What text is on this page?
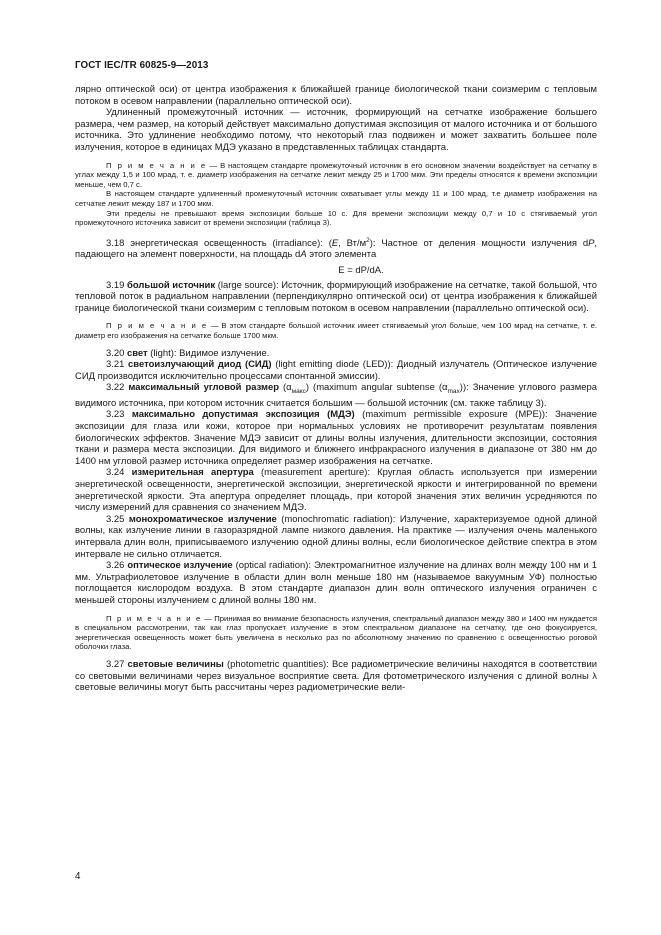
ГОСТ IEC/TR 60825-9—2013

лярно оптической оси) от центра изображения к ближайшей границе биологической ткани соизмерим с тепловым потоком в осевом направлении (параллельно оптической оси).

Удлиненный промежуточный источник — источник, формирующий на сетчатке изображение большего размера, чем размер, на который действует максимально допустимая экспозиция от малого источника и от большого источника. Это удлинение необходимо потому, что некоторый глаз подвижен и может захватить большее поле излучения, которое в единицах МДЭ указано в представленных таблицах стандарта.

П р и м е ч а н и е — В настоящем стандарте промежуточный источник в его основном значении воздействует на сетчатку в углах между 1,5 и 100 мрад, т. е. диаметр изображения на сетчатке лежит между 25 и 1700 мкм. Эти пределы относятся к времени экспозиции меньше, чем 0,7 с.

В настоящем стандарте удлиненный промежуточный источник охватывает углы между 11 и 100 мрад, т.е диаметр изображения на сетчатке лежит между 187 и 1700 мкм.

Эти пределы не превышают время экспозиции больше 10 с. Для времени экспозиции между 0,7 и 10 с стягиваемый угол промежуточного источника зависит от времени экспозиции (таблица 3).

3.18 энергетическая освещенность (irradiance): (E, $Вт/м^2$): Частное от деления мощности излучения dP, падающего на элемент поверхности, на площадь dA этого элемента

E = dP/dA.

3.19 большой источник (large source): Источник, формирующий изображение на сетчатке, такой большой, что тепловой поток в радиальном направлении (перпендикулярно оптической оси) от центра изображения к ближайшей границе биологической ткани соизмерим с тепловым потоком в осевом направлении (параллельно оптической оси).

П р и м е ч а н и е — В этом стандарте большой источник имеет стягиваемый угол больше, чем 100 мрад на сетчатке, т. е. диаметр его изображения на сетчатке больше 1700 мкм.

3.20 свет (light): Видимое излучение.

3.21 светоизлучающий диод (СИД) (light emitting diode (LED)): Диодный излучатель (Оптическое излучение СИД производится исключительно процессами спонтанной эмиссии).

3.22 максимальный угловой размер $(\alpha_{макс})$ (maximum angular subtense $(\alpha_{max})$): Значение углового размера видимого источника, при котором источник считается большим — большой источник (см. также таблицу 3).

3.23 максимально допустимая экспозиция (МДЭ) (maximum permissible exposure (MPE)): Значение экспозиции для глаза или кожи, которое при нормальных условиях не противоречит результатам появления биологических эффектов. Значение МДЭ зависит от длины волны излучения, длительности экспозиции, состояния ткани и размера места экспозиции. Для видимого и ближнего инфракрасного излучения в диапазоне от 380 нм до 1400 нм угловой размер источника определяет размер изображения на сетчатке.

3.24 измерительная апертура (measurement aperture): Круглая область используется при измерении энергетической освещенности, энергетической экспозиции, энергетической яркости и интегрированной по времени энергетической яркости. Эта апертура определяет площадь, при которой значения этих величин усредняются по числу измерений для сравнения со значением МДЭ.

3.25 монохроматическое излучение (monochromatic radiation): Излучение, характеризуемое одной длиной волны, как излучение линии в газоразрядной лампе низкого давления. На практике — излучения очень маленького интервала длин волн, приписываемого излучению одной длины волны, если биологическое действие спектра в этом интервале не сильно отличается.

3.26 оптическое излучение (optical radiation): Электромагнитное излучение на длинах волн между 100 нм и 1 мм. Ультрафиолетовое излучение в области длин волн меньше 180 нм (называемое вакуумным УФ) полностью поглощается кислородом воздуха. В этом стандарте диапазон длин волн оптического излучения ограничен с меньшей стороны излучением с длиной волны 180 нм.

П р и м е ч а н и е — Принимая во внимание безопасность излучения, спектральный диапазон между 380 и 1400 нм нуждается в специальном рассмотрении, так как глаз пропускает излучение в этом спектральном диапазоне на сетчатку, где оно фокусируется, энергетическая освещенность может быть увеличена в несколько раз по абсолютному значению по сравнению с освещенностью роговой оболочки глаза.

3.27 световые величины (photometric quantities): Все радиометрические величины находятся в соответствии со световыми величинами через визуальное восприятие света. Для фотометрического излучения с длиной волны λ световые величины могут быть рассчитаны через радиометрические вели-

4
